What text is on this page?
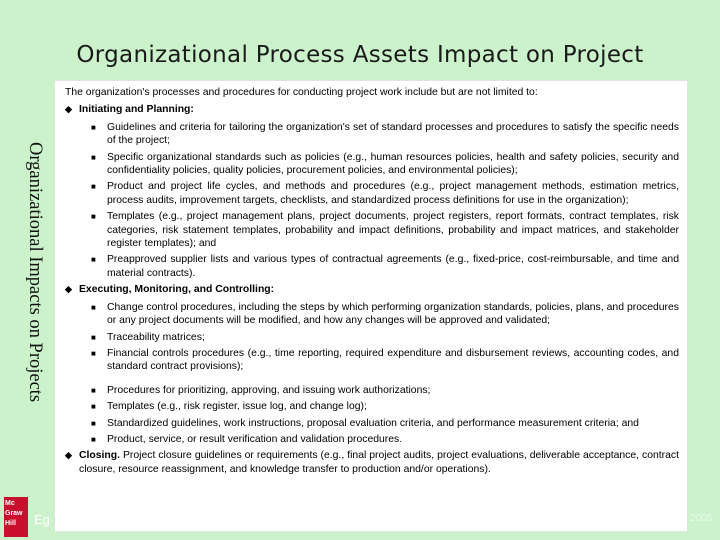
Organizational Process Assets Impact on Project
Organizational Impacts on Projects
The organization's processes and procedures for conducting project work include but are not limited to:
◆ Initiating and Planning:
■	Guidelines and criteria for tailoring the organization's set of standard processes and procedures to satisfy the specific needs of the project;
■	Specific organizational standards such as policies (e.g., human resources policies, health and safety policies, security and confidentiality policies, quality policies, procurement policies, and environmental policies);
■	Product and project life cycles, and methods and procedures (e.g., project management methods, estimation metrics, process audits, improvement targets, checklists, and standardized process definitions for use in the organization);
■	Templates (e.g., project management plans, project documents, project registers, report formats, contract templates, risk categories, risk statement templates, probability and impact definitions, probability and impact matrices, and stakeholder register templates); and
■	Preapproved supplier lists and various types of contractual agreements (e.g., fixed-price, cost-reimbursable, and time and material contracts).
◆ Executing, Monitoring, and Controlling:
■	Change control procedures, including the steps by which performing organization standards, policies, plans, and procedures or any project documents will be modified, and how any changes will be approved and validated;
■	Traceability matrices;
■	Financial controls procedures (e.g., time reporting, required expenditure and disbursement reviews, accounting codes, and standard contract provisions);
■	Procedures for prioritizing, approving, and issuing work authorizations;
■	Templates (e.g., risk register, issue log, and change log);
■	Standardized guidelines, work instructions, proposal evaluation criteria, and performance measurement criteria; and
■	Product, service, or result verification and validation procedures.
◆ Closing. Project closure guidelines or requirements (e.g., final project audits, project evaluations, deliverable acceptance, contract closure, resource reassignment, and knowledge transfer to production and/or operations).
Mc
Graw
Hill	Eg	2005
